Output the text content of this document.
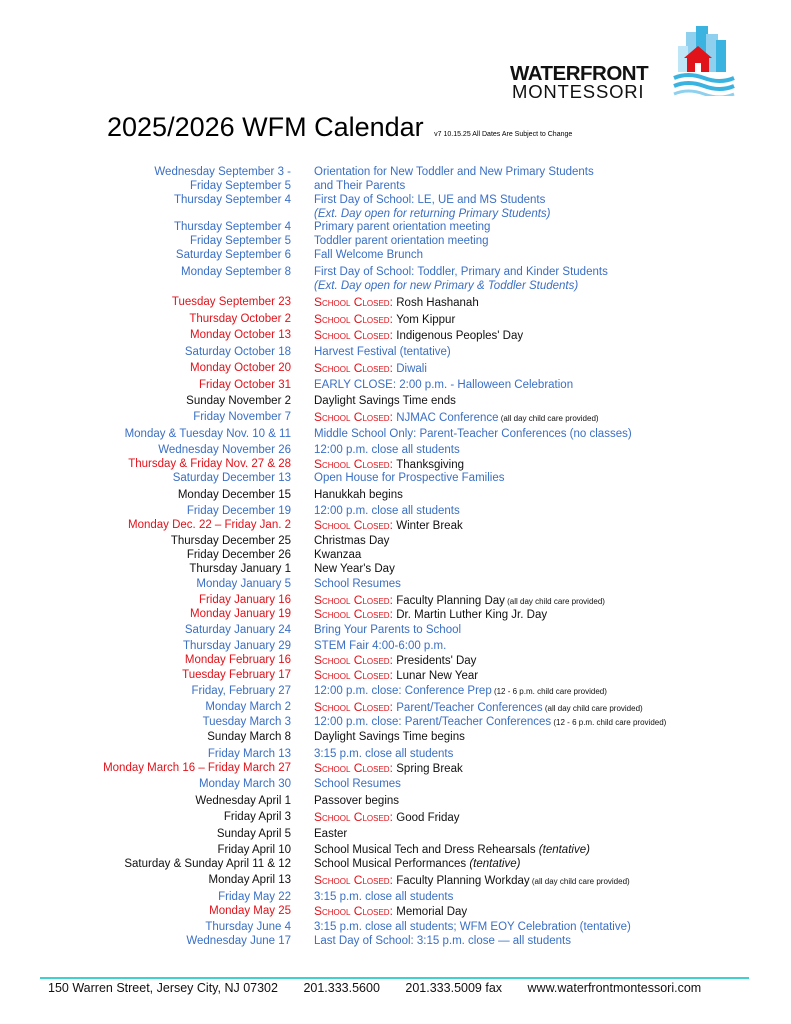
WATERFRONT
MONTESSORI
2025/2026 WFM Calendar v7 10.15.25 All Dates Are Subject to Change
Wednesday September 3 - Orientation for New Toddler and New Primary Students
Friday September 5 and Their Parents
Thursday September 4 First Day of School: LE, UE and MS Students
(Ext. Day open for returning Primary Students)
Thursday September 4 Primary parent orientation meeting
Friday September 5 Toddler parent orientation meeting
Saturday September 6 Fall Welcome Brunch
Monday September 8 First Day of School: Toddler, Primary and Kinder Students
(Ext. Day open for new Primary & Toddler Students)
Tuesday September 23 School Closed: Rosh Hashanah
Thursday October 2 School Closed: Yom Kippur
Monday October 13 School Closed: Indigenous Peoples' Day
Saturday October 18 Harvest Festival (tentative)
Monday October 20 School Closed: Diwali
Friday October 31 EARLY CLOSE: 2:00 p.m. - Halloween Celebration
Sunday November 2 Daylight Savings Time ends
Friday November 7 School Closed: NJMAC Conference (all day child care provided)
Monday & Tuesday Nov. 10 & 11 Middle School Only: Parent-Teacher Conferences (no classes)
Wednesday November 26 12:00 p.m. close all students
Thursday & Friday Nov. 27 & 28 School Closed: Thanksgiving
Saturday December 13 Open House for Prospective Families
Monday December 15 Hanukkah begins
Friday December 19 12:00 p.m. close all students
Monday Dec. 22 – Friday Jan. 2 School Closed: Winter Break
Thursday December 25 Christmas Day
Friday December 26 Kwanzaa
Thursday January 1 New Year's Day
Monday January 5 School Resumes
Friday January 16 School Closed: Faculty Planning Day (all day child care provided)
Monday January 19 School Closed: Dr. Martin Luther King Jr. Day
Saturday January 24 Bring Your Parents to School
Thursday January 29 STEM Fair 4:00-6:00 p.m.
Monday February 16 School Closed: Presidents' Day
Tuesday February 17 School Closed: Lunar New Year
Friday, February 27 12:00 p.m. close: Conference Prep (12 - 6 p.m. child care provided)
Monday March 2 School Closed: Parent/Teacher Conferences (all day child care provided)
Tuesday March 3 12:00 p.m. close: Parent/Teacher Conferences (12 - 6 p.m. child care provided)
Sunday March 8 Daylight Savings Time begins
Friday March 13 3:15 p.m. close all students
Monday March 16 – Friday March 27 School Closed: Spring Break
Monday March 30 School Resumes
Wednesday April 1 Passover begins
Friday April 3 School Closed: Good Friday
Sunday April 5 Easter
Friday April 10 School Musical Tech and Dress Rehearsals (tentative)
Saturday & Sunday April 11 & 12 School Musical Performances (tentative)
Monday April 13 School Closed: Faculty Planning Workday (all day child care provided)
Friday May 22 3:15 p.m. close all students
Monday May 25 School Closed: Memorial Day
Thursday June 4 3:15 p.m. close all students; WFM EOY Celebration (tentative)
Wednesday June 17 Last Day of School: 3:15 p.m. close — all students
150 Warren Street, Jersey City, NJ 07302 201.333.5600 201.333.5009 fax www.waterfrontmontessori.com
